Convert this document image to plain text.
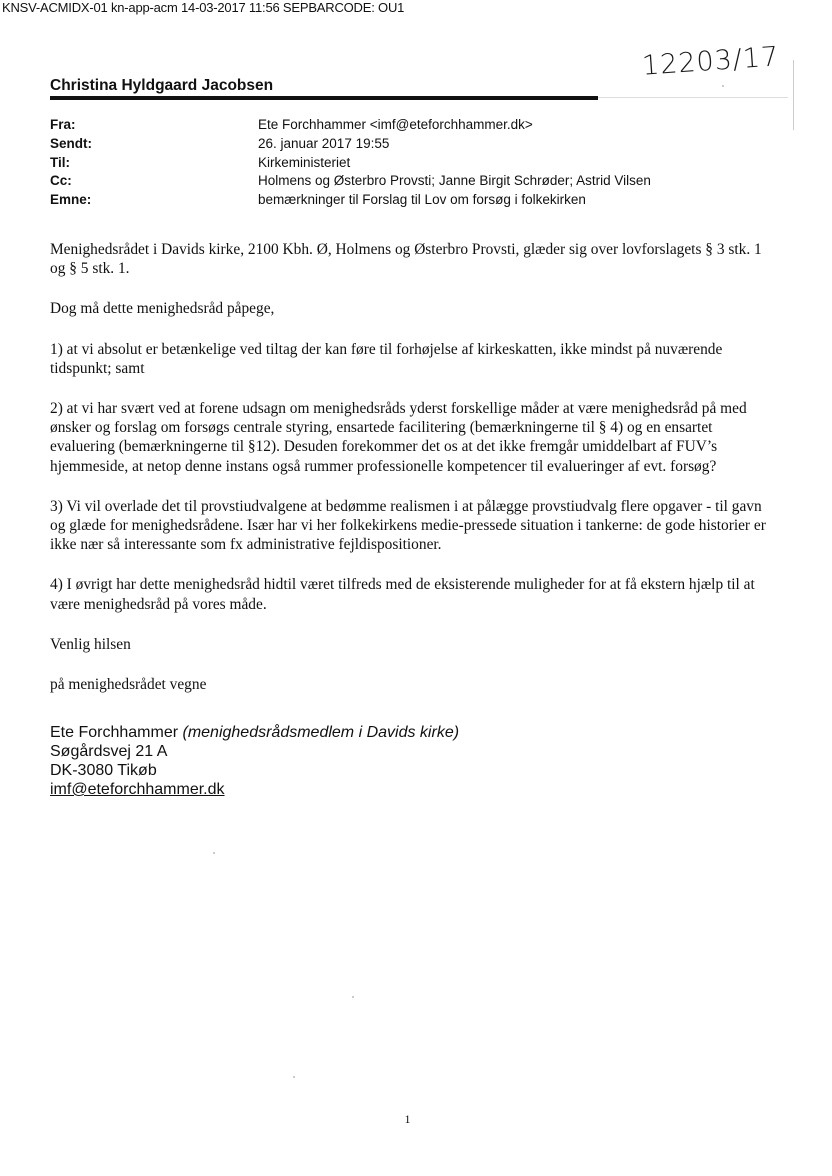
KNSV-ACMIDX-01 kn-app-acm 14-03-2017 11:56 SEPBARCODE: OU1
12203/17
Christina Hyldgaard Jacobsen
Fra:	Ete Forchhammer <imf@eteforchhammer.dk>
Sendt:	26. januar 2017 19:55
Til:	Kirkeministeriet
Cc:	Holmens og Østerbro Provsti; Janne Birgit Schrøder; Astrid Vilsen
Emne:	bemærkninger til Forslag til Lov om forsøg i folkekirken

Menighedsrådet i Davids kirke, 2100 Kbh. Ø, Holmens og Østerbro Provsti, glæder sig over lovforslagets § 3 stk. 1 og § 5 stk. 1.

Dog må dette menighedsråd påpege,

1) at vi absolut er betænkelige ved tiltag der kan føre til forhøjelse af kirkeskatten, ikke mindst på nuværende tidspunkt; samt

2) at vi har svært ved at forene udsagn om menighedsråds yderst forskellige måder at være menighedsråd på med ønsker og forslag om forsøgs centrale styring, ensartede facilitering (bemærkningerne til § 4) og en ensartet evaluering (bemærkningerne til §12). Desuden forekommer det os at det ikke fremgår umiddelbart af FUV’s hjemmeside, at netop denne instans også rummer professionelle kompetencer til evalueringer af evt. forsøg?

3) Vi vil overlade det til provstiudvalgene at bedømme realismen i at pålægge provstiudvalg flere opgaver - til gavn og glæde for menighedsrådene. Især har vi her folkekirkens medie-pressede situation i tankerne: de gode historier er ikke nær så interessante som fx administrative fejldispositioner.

4) I øvrigt har dette menighedsråd hidtil været tilfreds med de eksisterende muligheder for at få ekstern hjælp til at være menighedsråd på vores måde.

Venlig hilsen

på menighedsrådet vegne

Ete Forchhammer (menighedsrådsmedlem i Davids kirke)
Søgårdsvej 21 A
DK-3080 Tikøb
imf@eteforchhammer.dk
1
